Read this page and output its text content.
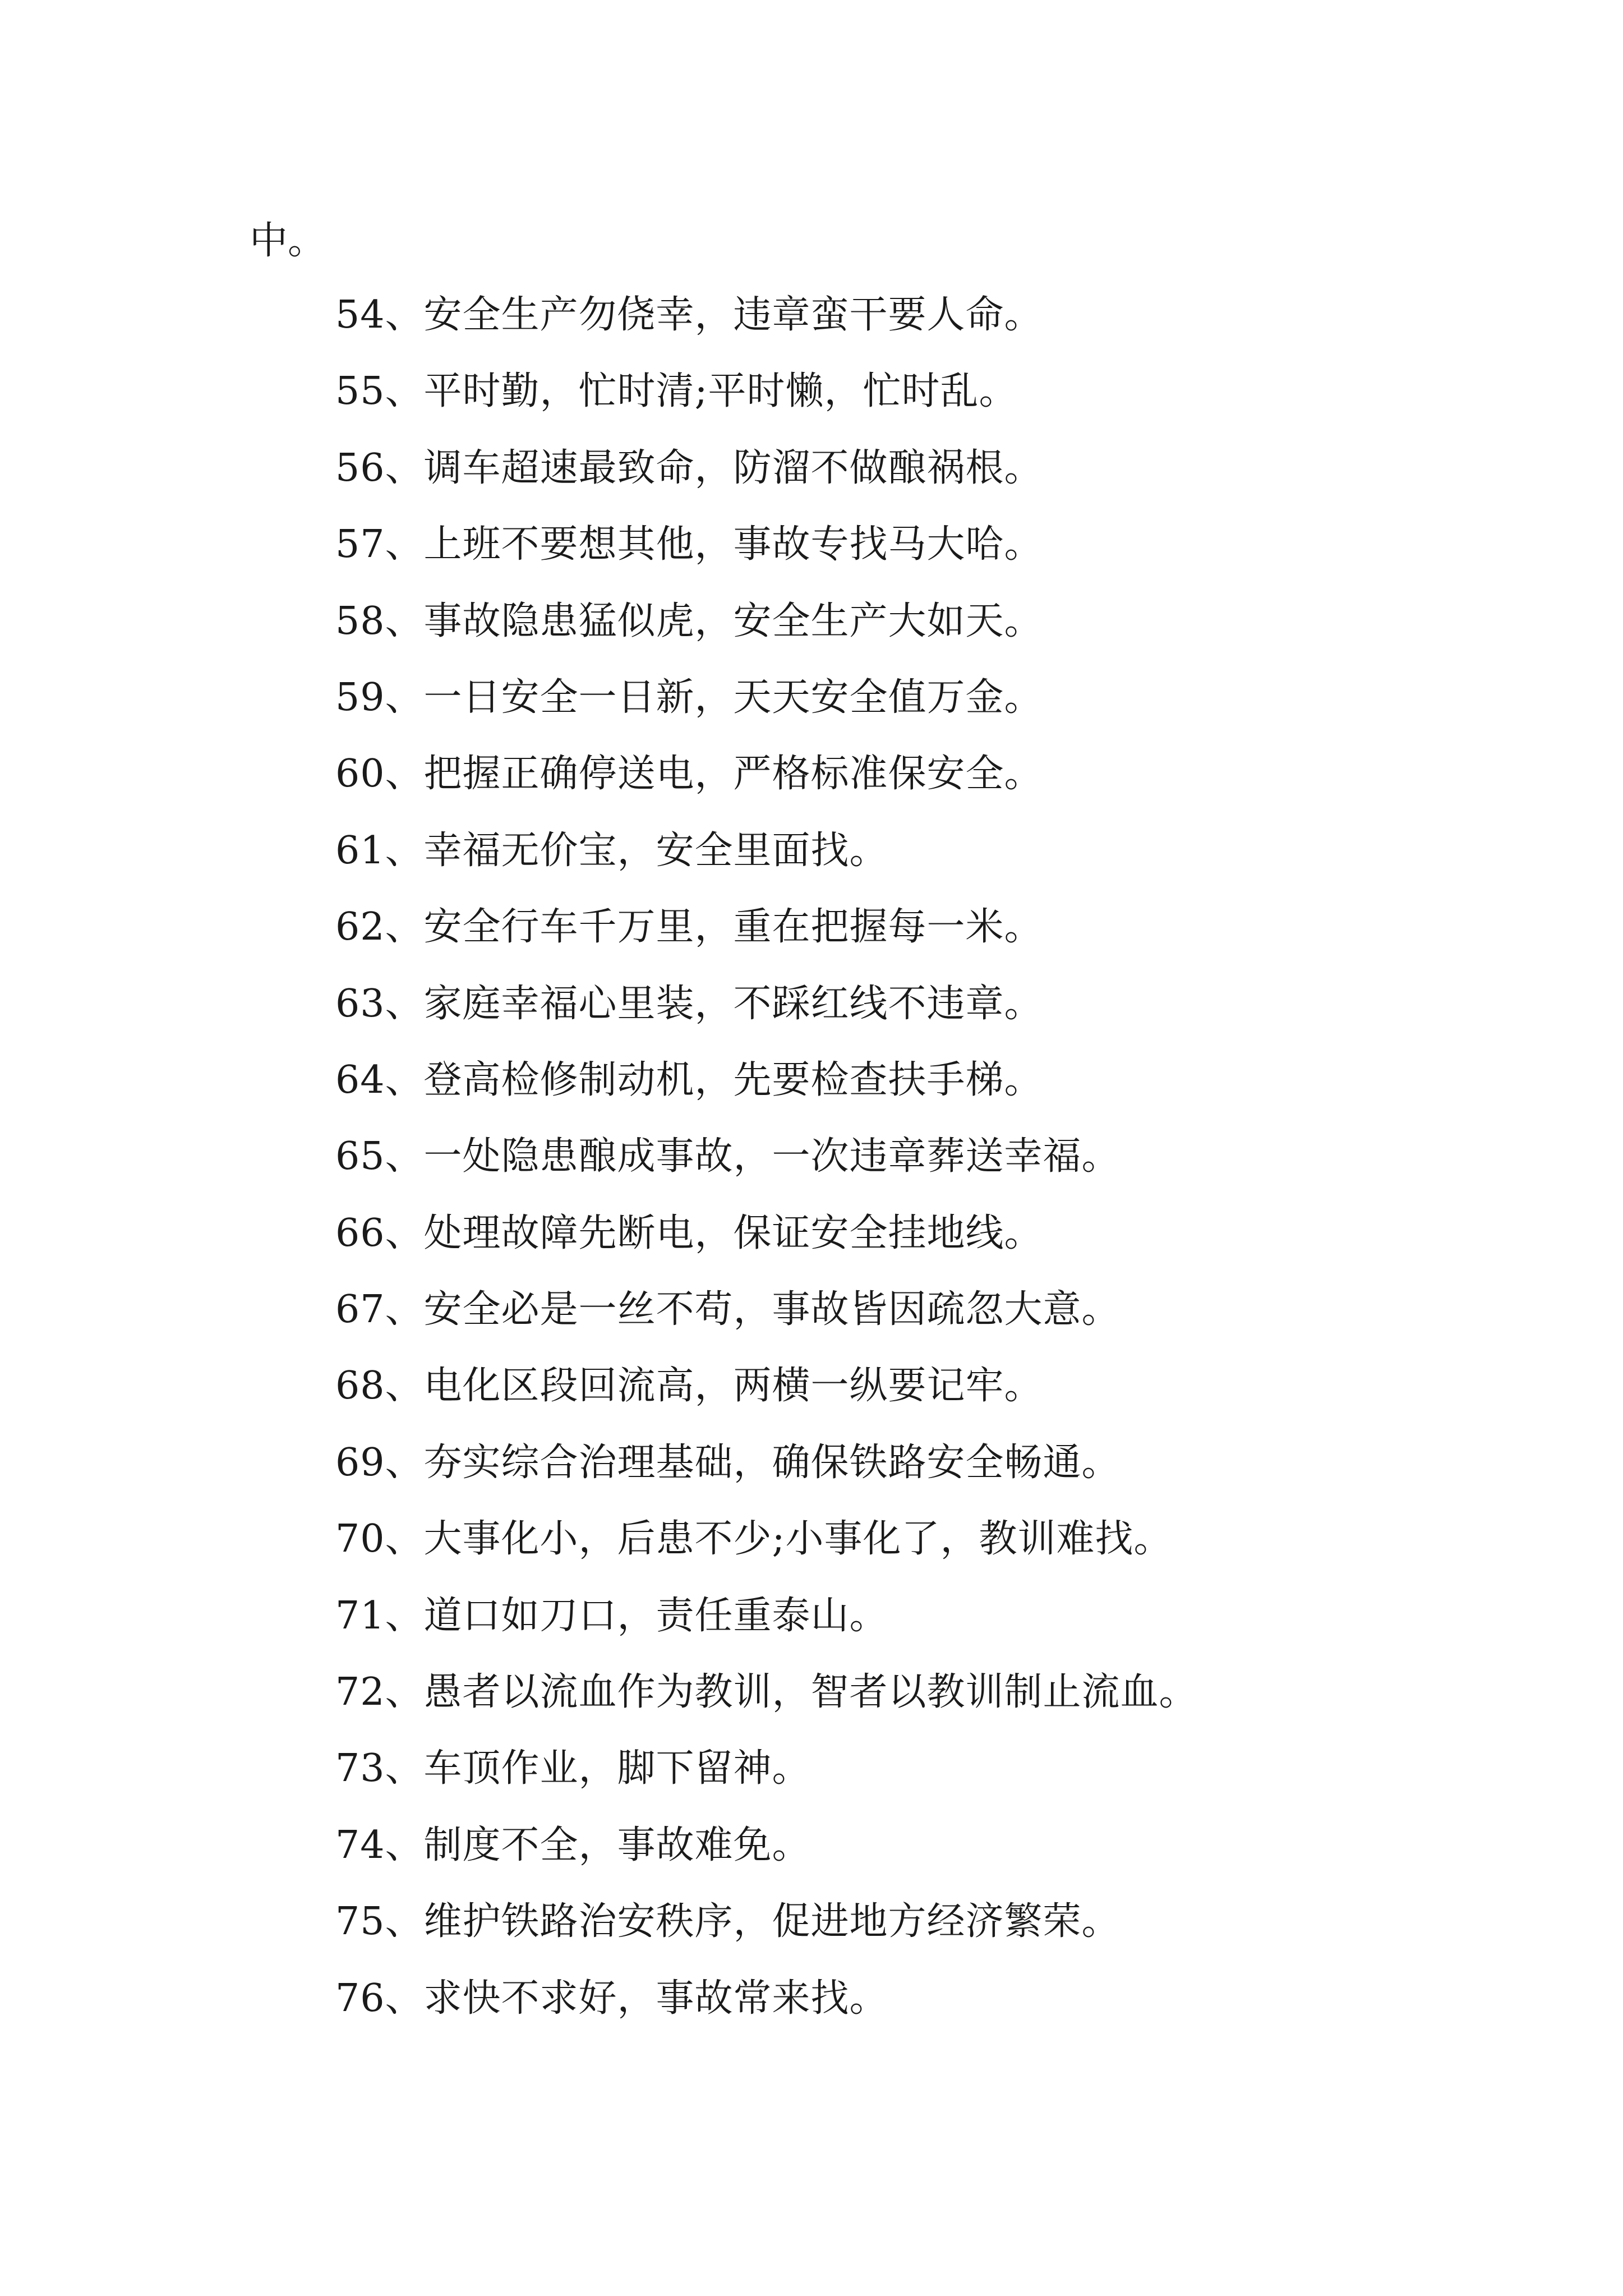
中。
54、安全生产勿侥幸，违章蛮干要人命。
55、平时勤，忙时清;平时懒，忙时乱。
56、调车超速最致命，防溜不做酿祸根。
57、上班不要想其他，事故专找马大哈。
58、事故隐患猛似虎，安全生产大如天。
59、一日安全一日新，天天安全值万金。
60、把握正确停送电，严格标准保安全。
61、幸福无价宝，安全里面找。
62、安全行车千万里，重在把握每一米。
63、家庭幸福心里装，不踩红线不违章。
64、登高检修制动机，先要检查扶手梯。
65、一处隐患酿成事故，一次违章葬送幸福。
66、处理故障先断电，保证安全挂地线。
67、安全必是一丝不苟，事故皆因疏忽大意。
68、电化区段回流高，两横一纵要记牢。
69、夯实综合治理基础，确保铁路安全畅通。
70、大事化小，后患不少;小事化了，教训难找。
71、道口如刀口，责任重泰山。
72、愚者以流血作为教训，智者以教训制止流血。
73、车顶作业，脚下留神。
74、制度不全，事故难免。
75、维护铁路治安秩序，促进地方经济繁荣。
76、求快不求好，事故常来找。
